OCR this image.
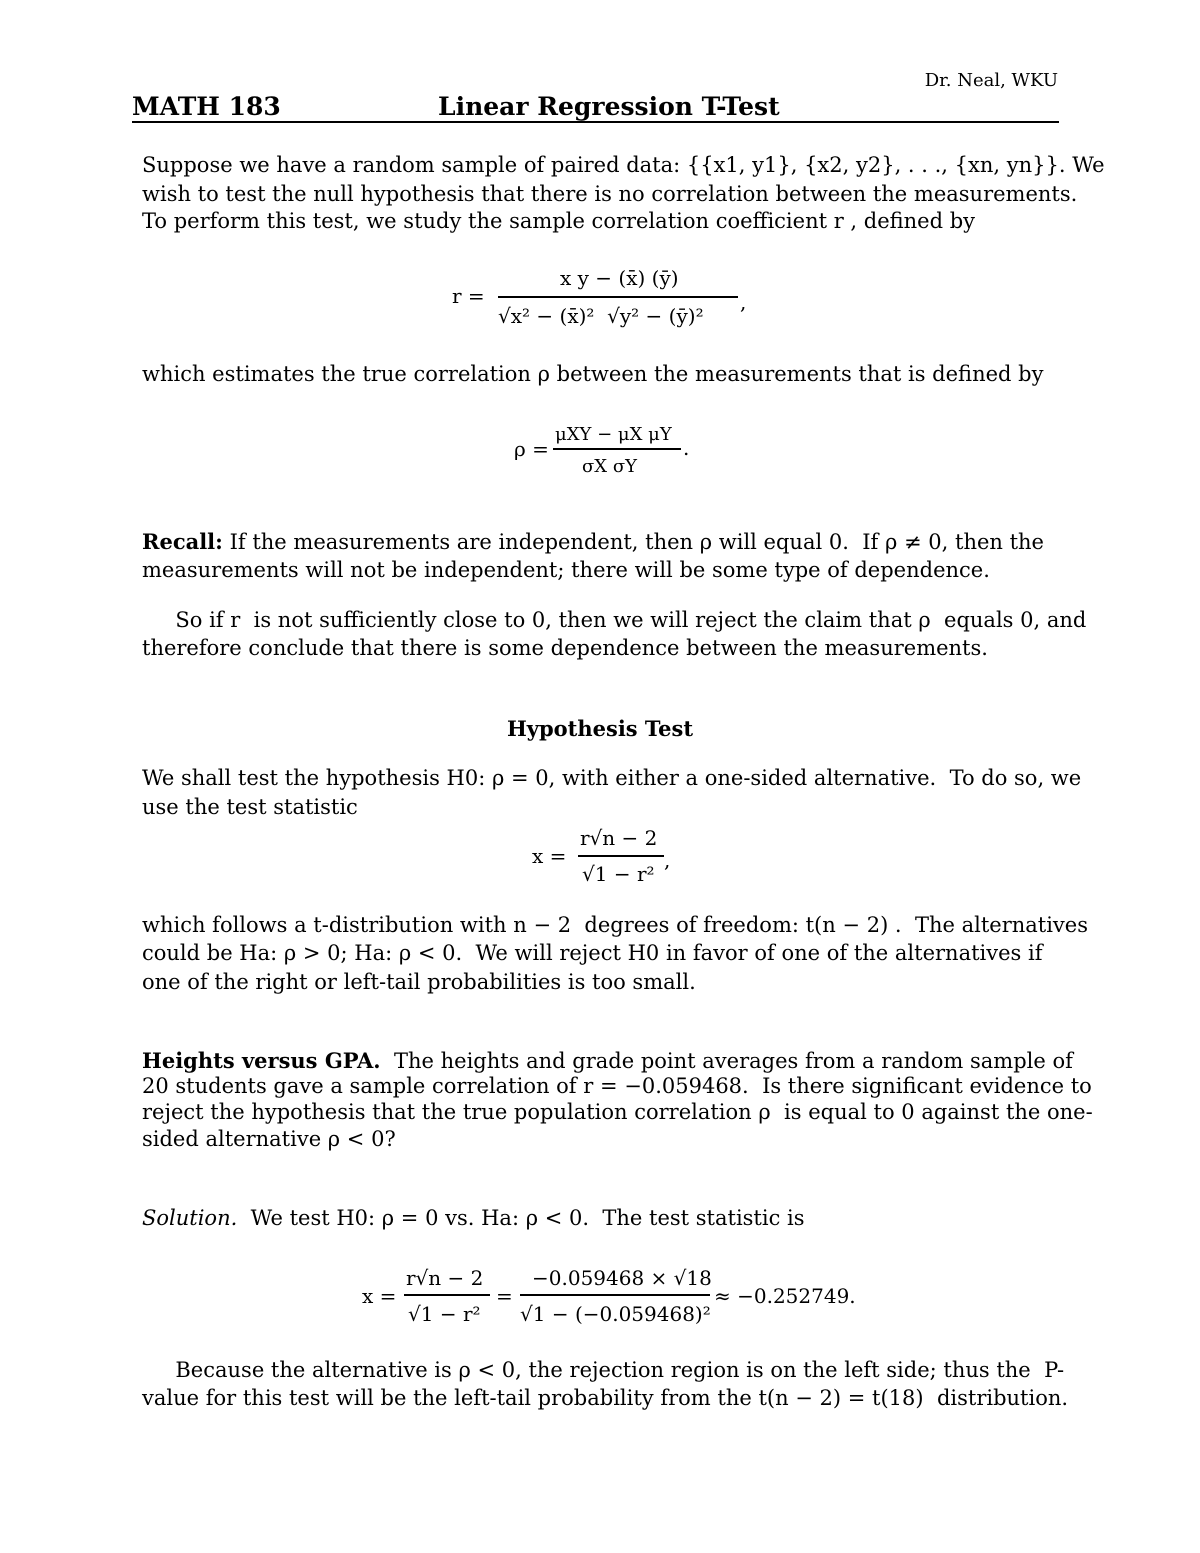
Dr. Neal, WKU
MATH 183	Linear Regression T-Test
Suppose we have a random sample of paired data: {{x1, y1}, {x2, y2}, . . ., {xn, yn}}. We
wish to test the null hypothesis that there is no correlation between the measurements.
To perform this test, we study the sample correlation coefficient r , defined by
r =
x y − (x̄) (ȳ)
√x² − (x̄)²  √y² − (ȳ)²
,
which estimates the true correlation ρ between the measurements that is defined by
ρ =
μXY − μX μY
σX σY
.
Recall: If the measurements are independent, then ρ will equal 0.  If ρ ≠ 0, then the
measurements will not be independent; there will be some type of dependence.
So if r  is not sufficiently close to 0, then we will reject the claim that ρ  equals 0, and
therefore conclude that there is some dependence between the measurements.
Hypothesis Test
We shall test the hypothesis H0: ρ = 0, with either a one-sided alternative.  To do so, we
use the test statistic
x =
r√n − 2
√1 − r²
,
which follows a t-distribution with n − 2  degrees of freedom: t(n − 2) .  The alternatives
could be Ha: ρ > 0; Ha: ρ < 0.  We will reject H0 in favor of one of the alternatives if
one of the right or left-tail probabilities is too small.
Heights versus GPA.  The heights and grade point averages from a random sample of
20 students gave a sample correlation of r = −0.059468.  Is there significant evidence to
reject the hypothesis that the true population correlation ρ  is equal to 0 against the one-
sided alternative ρ < 0?
Solution.  We test H0: ρ = 0 vs. Ha: ρ < 0.  The test statistic is
x =
r√n − 2
√1 − r²
=
−0.059468 × √18
√1 − (−0.059468)²
≈ −0.252749.
Because the alternative is ρ < 0, the rejection region is on the left side; thus the  P-
value for this test will be the left-tail probability from the t(n − 2) = t(18)  distribution.
